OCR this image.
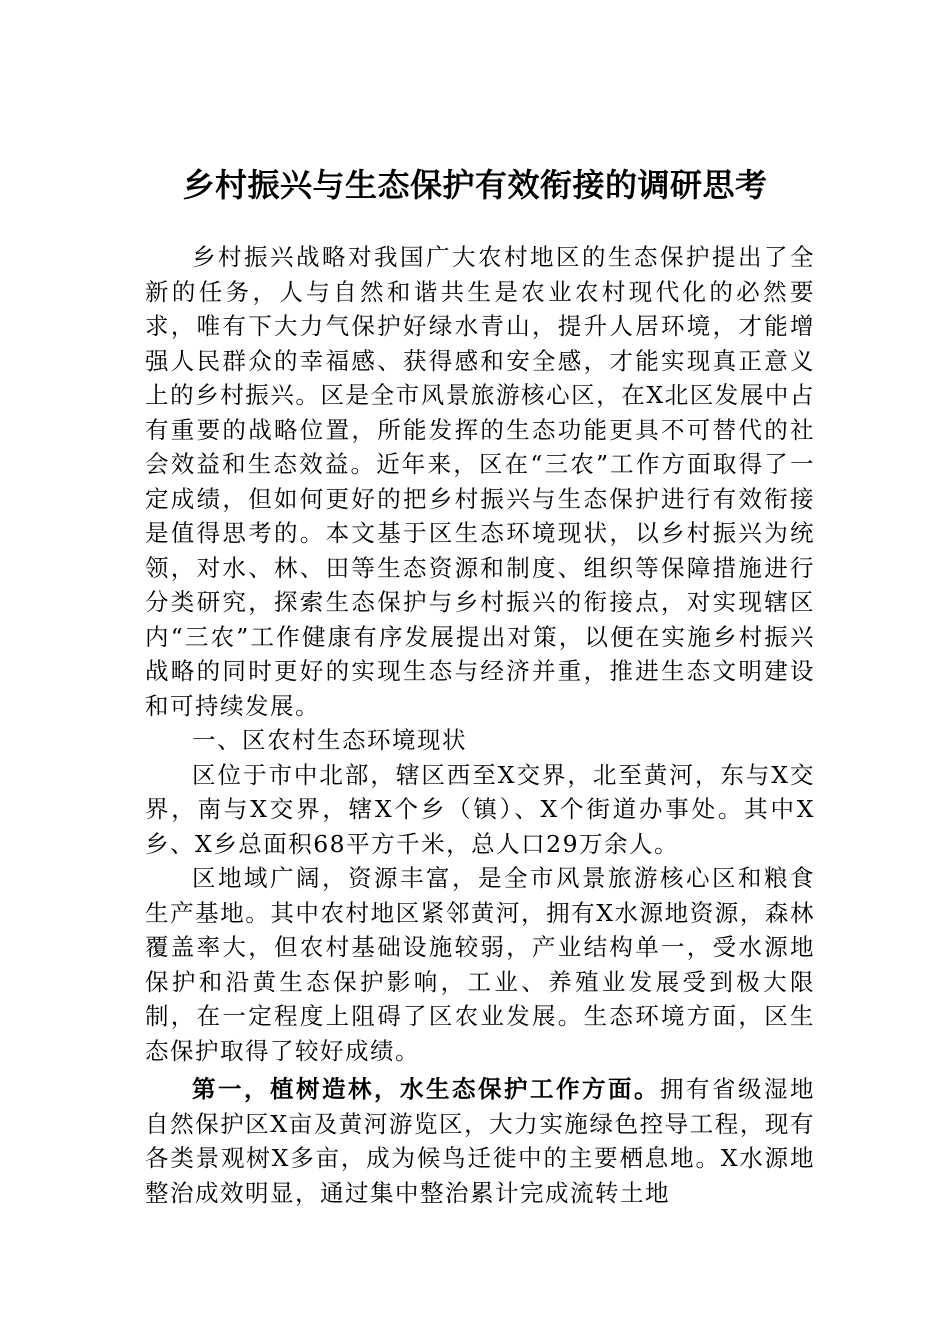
乡村振兴与生态保护有效衔接的调研思考

乡村振兴战略对我国广大农村地区的生态保护提出了全新的任务，人与自然和谐共生是农业农村现代化的必然要求，唯有下大力气保护好绿水青山，提升人居环境，才能增强人民群众的幸福感、获得感和安全感，才能实现真正意义上的乡村振兴。区是全市风景旅游核心区，在X北区发展中占有重要的战略位置，所能发挥的生态功能更具不可替代的社会效益和生态效益。近年来，区在“三农”工作方面取得了一定成绩，但如何更好的把乡村振兴与生态保护进行有效衔接是值得思考的。本文基于区生态环境现状，以乡村振兴为统领，对水、林、田等生态资源和制度、组织等保障措施进行分类研究，探索生态保护与乡村振兴的衔接点，对实现辖区内“三农”工作健康有序发展提出对策，以便在实施乡村振兴战略的同时更好的实现生态与经济并重，推进生态文明建设和可持续发展。

一、区农村生态环境现状

区位于市中北部，辖区西至X交界，北至黄河，东与X交界，南与X交界，辖X个乡（镇）、X个街道办事处。其中X乡、X乡总面积68平方千米，总人口29万余人。

区地域广阔，资源丰富，是全市风景旅游核心区和粮食生产基地。其中农村地区紧邻黄河，拥有X水源地资源，森林覆盖率大，但农村基础设施较弱，产业结构单一，受水源地保护和沿黄生态保护影响，工业、养殖业发展受到极大限制，在一定程度上阻碍了区农业发展。生态环境方面，区生态保护取得了较好成绩。

第一，植树造林，水生态保护工作方面。拥有省级湿地自然保护区X亩及黄河游览区，大力实施绿色控导工程，现有各类景观树X多亩，成为候鸟迁徙中的主要栖息地。X水源地整治成效明显，通过集中整治累计完成流转土地
